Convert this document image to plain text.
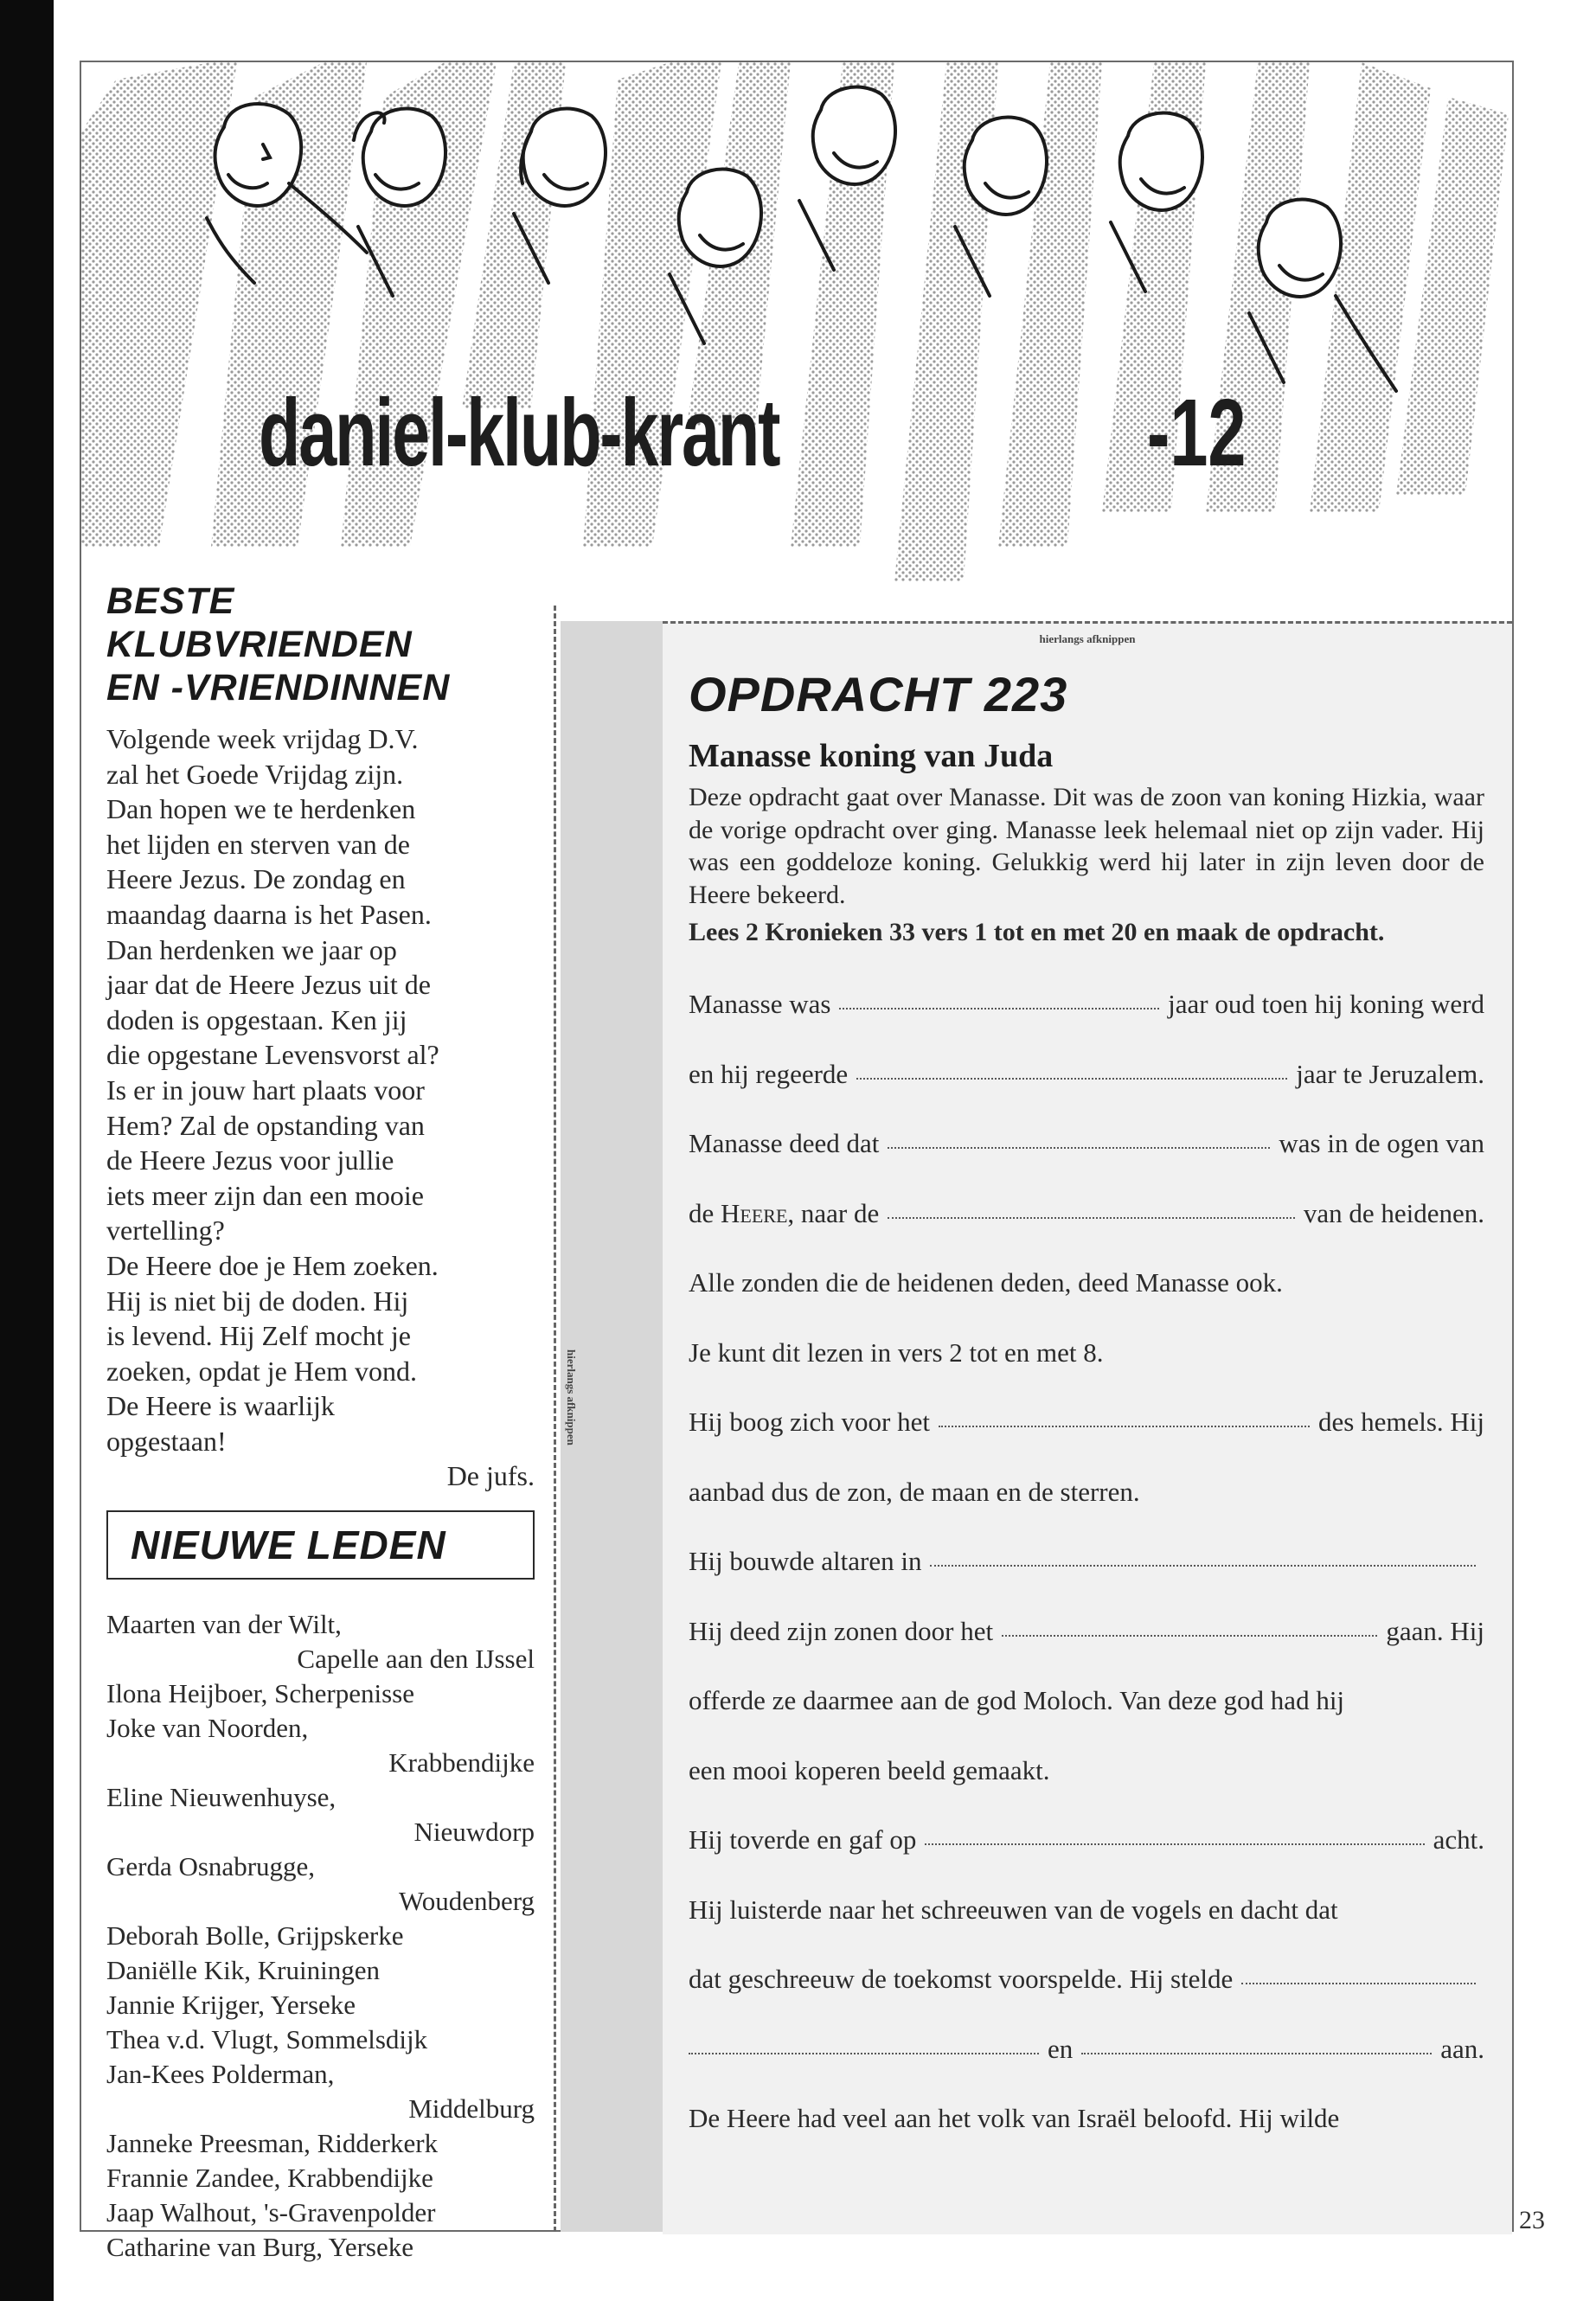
daniel-klub-krant	-12
BESTE KLUBVRIENDEN
EN -VRIENDINNEN

Volgende week vrijdag D.V.

zal het Goede Vrijdag zijn.

Dan hopen we te herdenken

het lijden en sterven van de

Heere Jezus. De zondag en

maandag daarna is het Pasen.

Dan herdenken we jaar op

jaar dat de Heere Jezus uit de

doden is opgestaan. Ken jij

die opgestane Levensvorst al?

Is er in jouw hart plaats voor

Hem? Zal de opstanding van

de Heere Jezus voor jullie

iets meer zijn dan een mooie

vertelling?

De Heere doe je Hem zoeken.

Hij is niet bij de doden. Hij

is levend. Hij Zelf mocht je

zoeken, opdat je Hem vond.

De Heere is waarlijk

opgestaan!

De jufs.
NIEUWE LEDEN
Maarten van der Wilt,
Capelle aan den IJssel
Ilona Heijboer, Scherpenisse
Joke van Noorden,
Krabbendijke
Eline Nieuwenhuyse,
Nieuwdorp
Gerda Osnabrugge,
Woudenberg
Deborah Bolle, Grijpskerke
Daniëlle Kik, Kruiningen
Jannie Krijger, Yerseke
Thea v.d. Vlugt, Sommelsdijk
Jan-Kees Polderman,
Middelburg
Janneke Preesman, Ridderkerk
Frannie Zandee, Krabbendijke
Jaap Walhout, 's-Gravenpolder
Catharine van Burg, Yerseke
hierlangs afknippen
hierlangs afknippen
OPDRACHT 223
Manasse koning van Juda

Deze opdracht gaat over Manasse. Dit was de zoon van koning Hizkia, waar de vorige opdracht over ging. Manasse leek helemaal niet op zijn vader. Hij was een goddeloze koning. Gelukkig werd hij later in zijn leven door de Heere bekeerd.

Lees 2 Kronieken 33 vers 1 tot en met 20 en maak de opdracht.

Manasse was	jaar oud toen hij koning werd
en hij regeerde	jaar te Jeruzalem.
Manasse deed dat	was in de ogen van
de
Heere , naar de	van de heidenen.
Alle zonden die de heidenen deden, deed Manasse ook.
Je kunt dit lezen in vers 2 tot en met 8.
Hij boog zich voor het	des hemels. Hij
aanbad dus de zon, de maan en de sterren.
Hij bouwde altaren in
Hij deed zijn zonen door het	gaan. Hij
offerde ze daarmee aan de god Moloch. Van deze god had hij
een mooi koperen beeld gemaakt.
Hij toverde en gaf op	acht.
Hij luisterde naar het schreeuwen van de vogels en dacht dat
dat geschreeuw de toekomst voorspelde. Hij stelde
en	aan.
De Heere had veel aan het volk van Israël beloofd. Hij wilde
23
